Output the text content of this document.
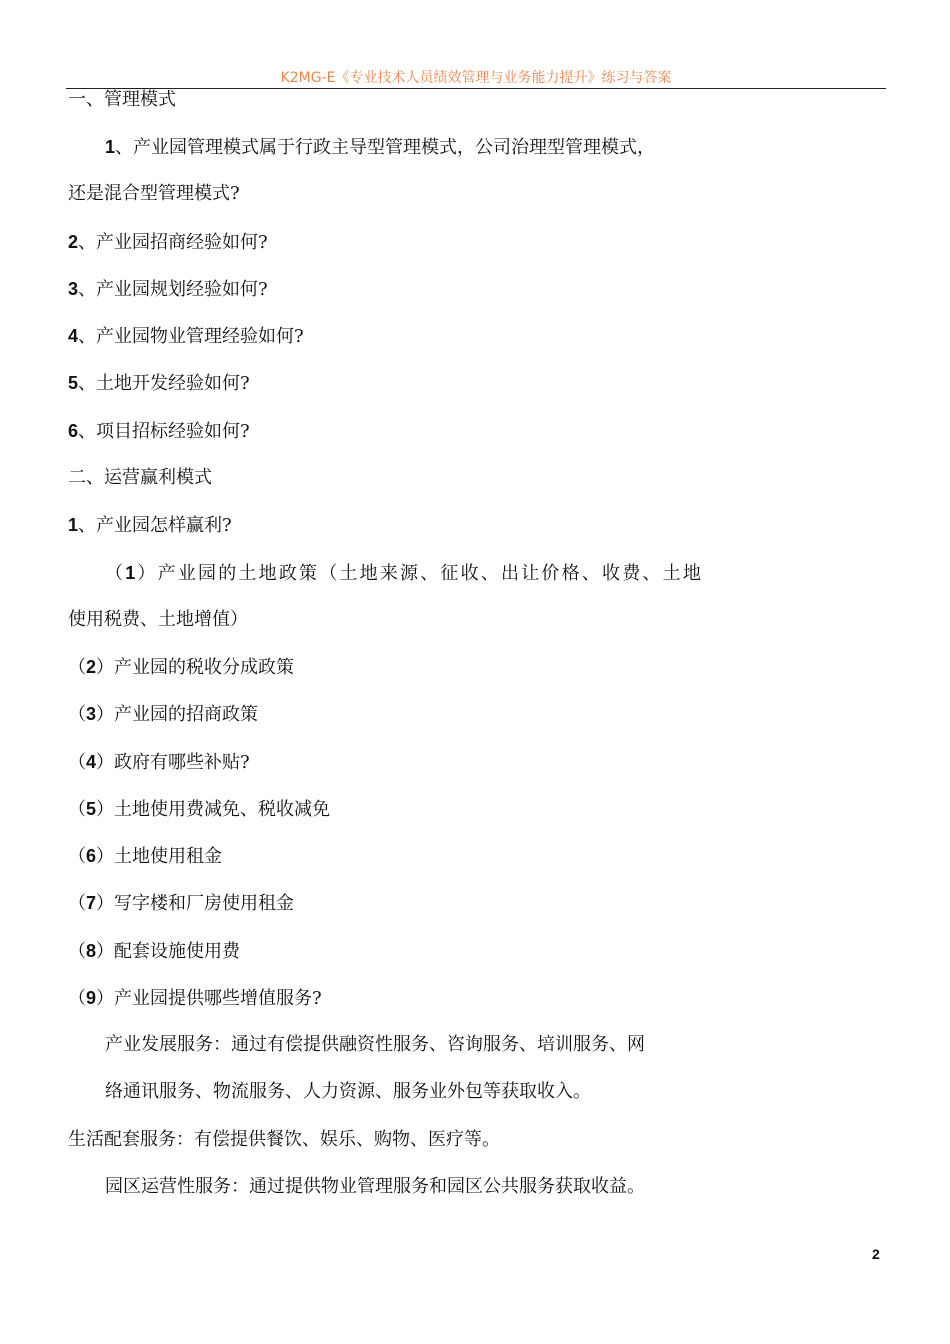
K2MG-E《专业技术人员绩效管理与业务能力提升》练习与答案
一、管理模式
1、产业园管理模式属于行政主导型管理模式，公司治理型管理模式，
还是混合型管理模式?
2、产业园招商经验如何?
3、产业园规划经验如何?
4、产业园物业管理经验如何?
5、土地开发经验如何?
6、项目招标经验如何?
二、运营赢利模式
1、产业园怎样赢利?
（1）产业园的土地政策（土地来源、征收、出让价格、收费、土地
使用税费、土地增值）
（2）产业园的税收分成政策
（3）产业园的招商政策
（4）政府有哪些补贴?
（5）土地使用费减免、税收减免
（6）土地使用租金
（7）写字楼和厂房使用租金
（8）配套设施使用费
（9）产业园提供哪些增值服务?
产业发展服务：通过有偿提供融资性服务、咨询服务、培训服务、网
络通讯服务、物流服务、人力资源、服务业外包等获取收入。
生活配套服务：有偿提供餐饮、娱乐、购物、医疗等。
园区运营性服务：通过提供物业管理服务和园区公共服务获取收益。
2
